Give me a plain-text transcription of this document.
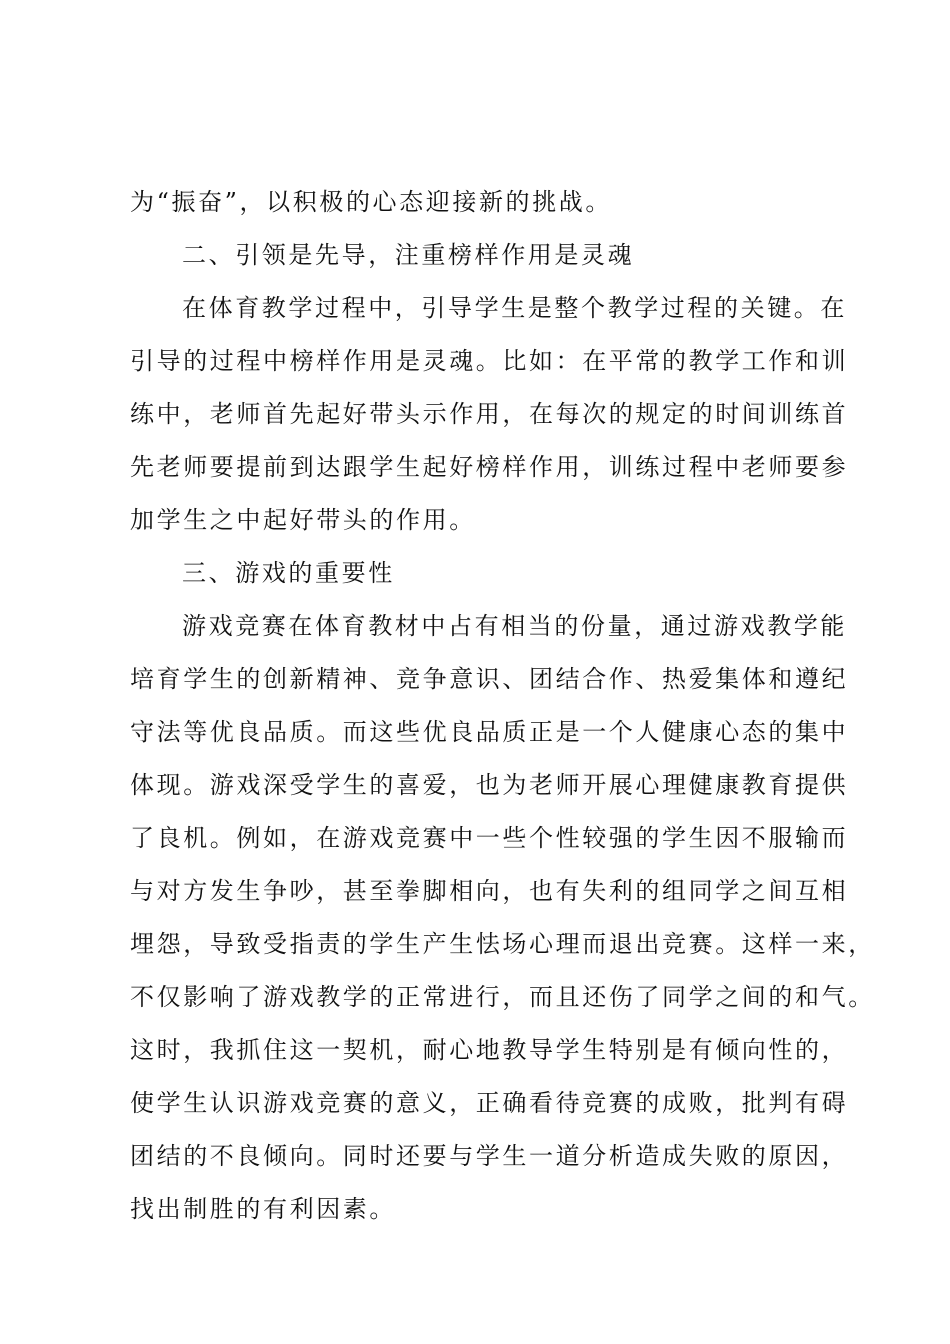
为“振奋”，以积极的心态迎接新的挑战。

二、引领是先导，注重榜样作用是灵魂

在体育教学过程中，引导学生是整个教学过程的关键。在

引导的过程中榜样作用是灵魂。比如：在平常的教学工作和训

练中，老师首先起好带头示作用，在每次的规定的时间训练首

先老师要提前到达跟学生起好榜样作用，训练过程中老师要参

加学生之中起好带头的作用。

三、游戏的重要性

游戏竞赛在体育教材中占有相当的份量，通过游戏教学能

培育学生的创新精神、竞争意识、团结合作、热爱集体和遵纪

守法等优良品质。而这些优良品质正是一个人健康心态的集中

体现。游戏深受学生的喜爱，也为老师开展心理健康教育提供

了良机。例如，在游戏竞赛中一些个性较强的学生因不服输而

与对方发生争吵，甚至拳脚相向，也有失利的组同学之间互相

埋怨，导致受指责的学生产生怯场心理而退出竞赛。这样一来，

不仅影响了游戏教学的正常进行，而且还伤了同学之间的和气。

这时，我抓住这一契机，耐心地教导学生特别是有倾向性的，

使学生认识游戏竞赛的意义，正确看待竞赛的成败，批判有碍

团结的不良倾向。同时还要与学生一道分析造成失败的原因，

找出制胜的有利因素。
